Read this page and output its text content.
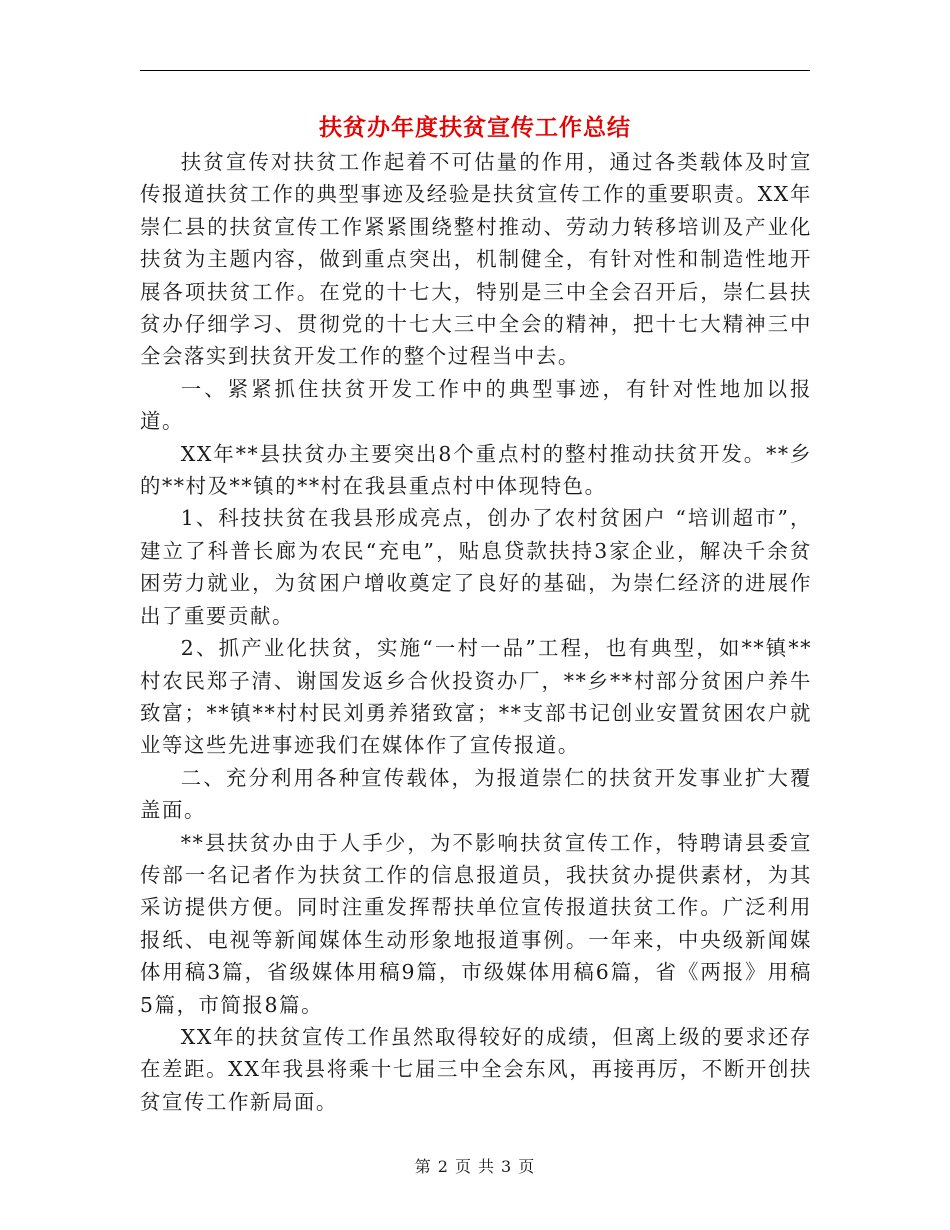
扶贫办年度扶贫宣传工作总结

扶贫宣传对扶贫工作起着不可估量的作用，通过各类载体及时宣传报道扶贫工作的典型事迹及经验是扶贫宣传工作的重要职责。XX年崇仁县的扶贫宣传工作紧紧围绕整村推动、劳动力转移培训及产业化扶贫为主题内容，做到重点突出，机制健全，有针对性和制造性地开展各项扶贫工作。在党的十七大，特别是三中全会召开后，崇仁县扶贫办仔细学习、贯彻党的十七大三中全会的精神，把十七大精神三中全会落实到扶贫开发工作的整个过程当中去。

一、紧紧抓住扶贫开发工作中的典型事迹，有针对性地加以报道。

XX年**县扶贫办主要突出8个重点村的整村推动扶贫开发。**乡的**村及**镇的**村在我县重点村中体现特色。

1、科技扶贫在我县形成亮点，创办了农村贫困户 “培训超市”，建立了科普长廊为农民“充电”，贴息贷款扶持3家企业，解决千余贫困劳力就业，为贫困户增收奠定了良好的基础，为崇仁经济的进展作出了重要贡献。

2、抓产业化扶贫，实施“一村一品”工程，也有典型，如**镇**村农民郑子清、谢国发返乡合伙投资办厂，**乡**村部分贫困户养牛致富；**镇**村村民刘勇养猪致富；**支部书记创业安置贫困农户就业等这些先进事迹我们在媒体作了宣传报道。

二、充分利用各种宣传载体，为报道崇仁的扶贫开发事业扩大覆盖面。

**县扶贫办由于人手少，为不影响扶贫宣传工作，特聘请县委宣传部一名记者作为扶贫工作的信息报道员，我扶贫办提供素材，为其采访提供方便。同时注重发挥帮扶单位宣传报道扶贫工作。广泛利用报纸、电视等新闻媒体生动形象地报道事例。一年来，中央级新闻媒体用稿3篇，省级媒体用稿9篇，市级媒体用稿6篇，省《两报》用稿5篇，市简报8篇。

XX年的扶贫宣传工作虽然取得较好的成绩，但离上级的要求还存在差距。XX年我县将乘十七届三中全会东风，再接再厉，不断开创扶贫宣传工作新局面。

第 2 页 共 3 页
